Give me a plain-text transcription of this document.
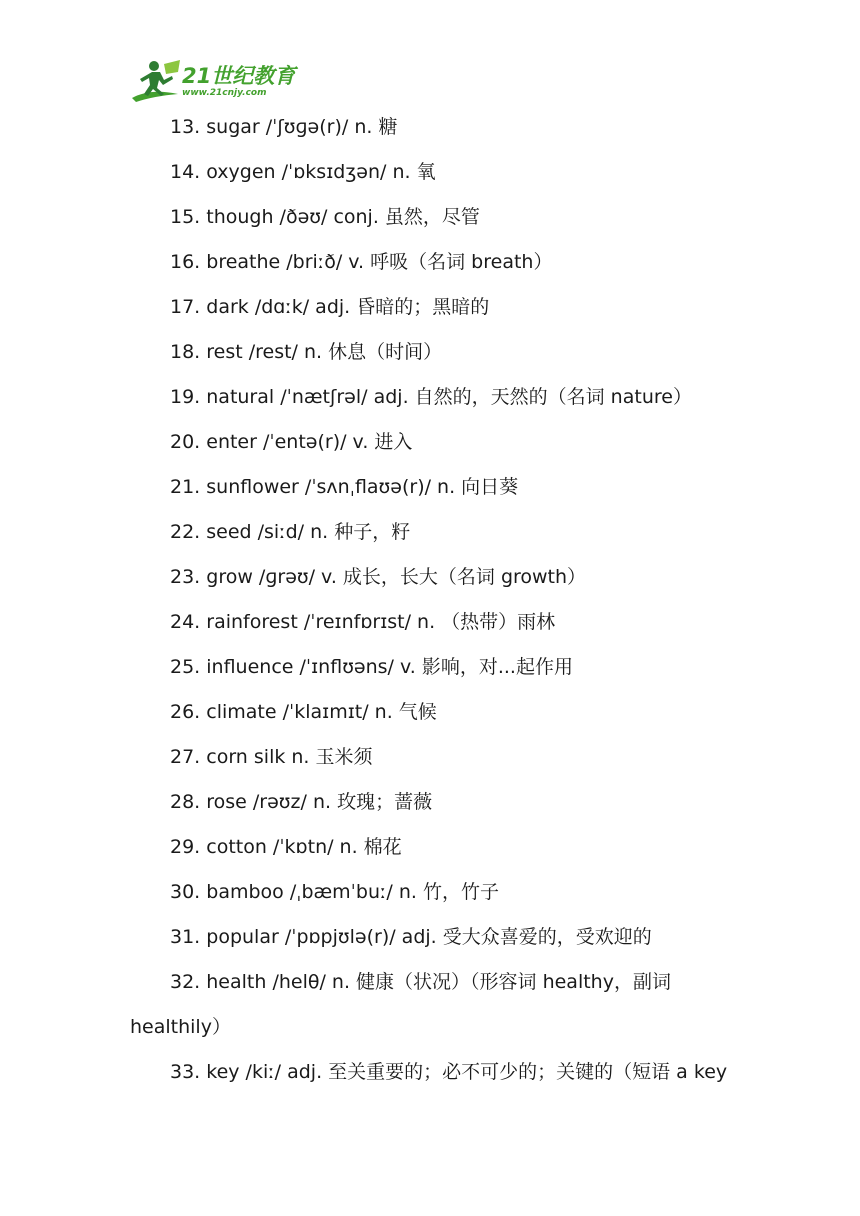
21世纪教育
www.21cnjy.com
13. sugar /ˈʃʊɡə(r)/ n. 糖
14. oxygen /ˈɒksɪdʒən/ n. 氧
15. though /ðəʊ/ conj. 虽然，尽管
16. breathe /briːð/ v. 呼吸（名词 breath）
17. dark /dɑːk/ adj. 昏暗的；黑暗的
18. rest /rest/ n. 休息（时间）
19. natural /ˈnætʃrəl/ adj. 自然的，天然的（名词 nature）
20. enter /ˈentə(r)/ v. 进入
21. sunflower /ˈsʌnˌflaʊə(r)/ n. 向日葵
22. seed /siːd/ n. 种子，籽
23. grow /ɡrəʊ/ v. 成长，长大（名词 growth）
24. rainforest /ˈreɪnfɒrɪst/ n. （热带）雨林
25. influence /ˈɪnflʊəns/ v. 影响，对...起作用
26. climate /ˈklaɪmɪt/ n. 气候
27. corn silk n. 玉米须
28. rose /rəʊz/ n. 玫瑰；蔷薇
29. cotton /ˈkɒtn/ n. 棉花
30. bamboo /ˌbæmˈbuː/ n. 竹，竹子
31. popular /ˈpɒpjʊlə(r)/ adj. 受大众喜爱的，受欢迎的
32. health /helθ/ n. 健康（状况）（形容词 healthy，副词
healthily）
33. key /kiː/ adj. 至关重要的；必不可少的；关键的（短语 a key
